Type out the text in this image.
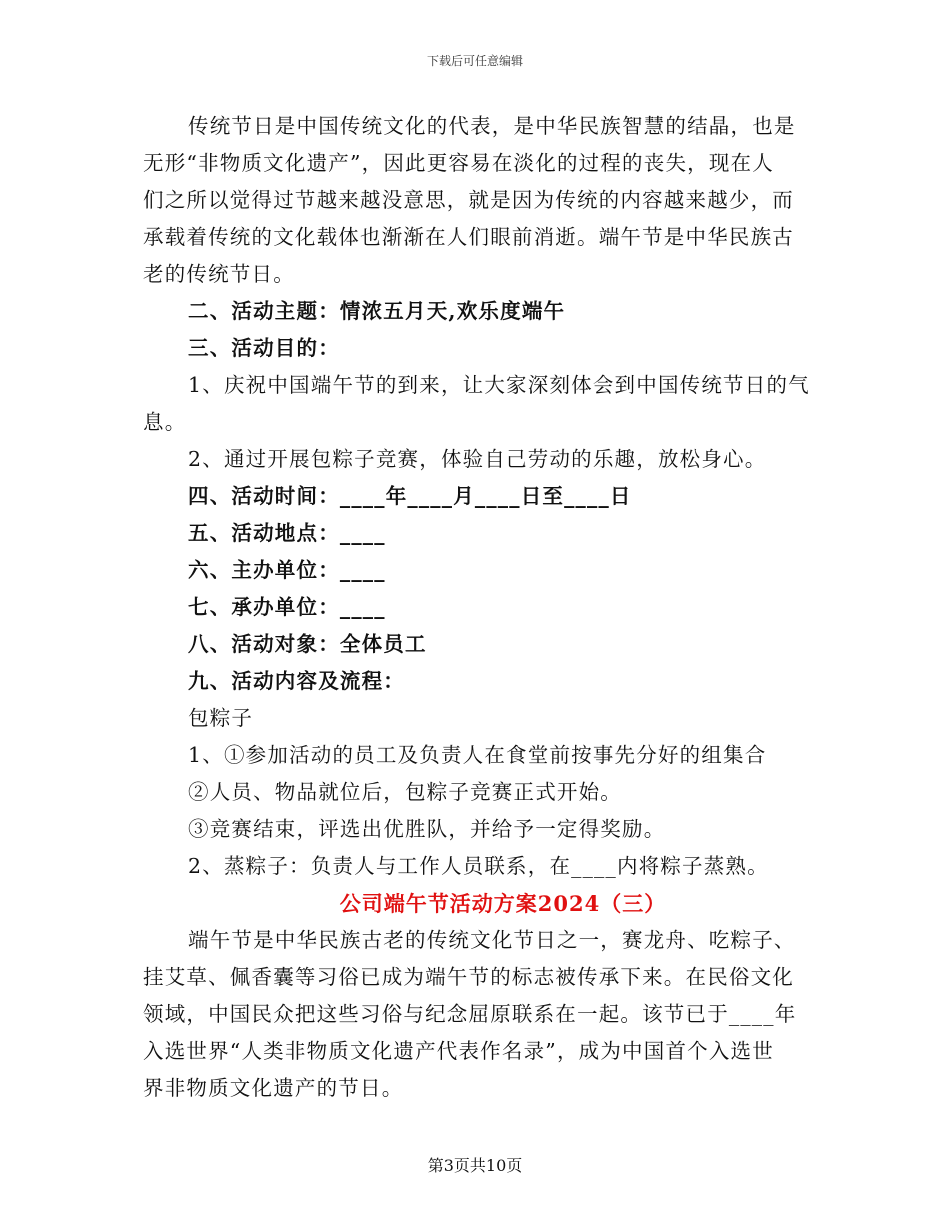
下载后可任意编辑

传统节日是中国传统文化的代表，是中华民族智慧的结晶，也是

无形“非物质文化遗产”，因此更容易在淡化的过程的丧失，现在人

们之所以觉得过节越来越没意思，就是因为传统的内容越来越少，而

承载着传统的文化载体也渐渐在人们眼前消逝。端午节是中华民族古

老的传统节日。

二、活动主题：情浓五月天,欢乐度端午

三、活动目的：

1、庆祝中国端午节的到来，让大家深刻体会到中国传统节日的气

息。

2、通过开展包粽子竞赛，体验自己劳动的乐趣，放松身心。

四、活动时间：____年____月____日至____日

五、活动地点：____

六、主办单位：____

七、承办单位：____

八、活动对象：全体员工

九、活动内容及流程：

包粽子

1、①参加活动的员工及负责人在食堂前按事先分好的组集合

②人员、物品就位后，包粽子竞赛正式开始。

③竞赛结束，评选出优胜队，并给予一定得奖励。

2、蒸粽子：负责人与工作人员联系，在____内将粽子蒸熟。

公司端午节活动方案2024（三）

端午节是中华民族古老的传统文化节日之一，赛龙舟、吃粽子、

挂艾草、佩香囊等习俗已成为端午节的标志被传承下来。在民俗文化

领域，中国民众把这些习俗与纪念屈原联系在一起。该节已于____年

入选世界“人类非物质文化遗产代表作名录”，成为中国首个入选世

界非物质文化遗产的节日。

第3页共10页
